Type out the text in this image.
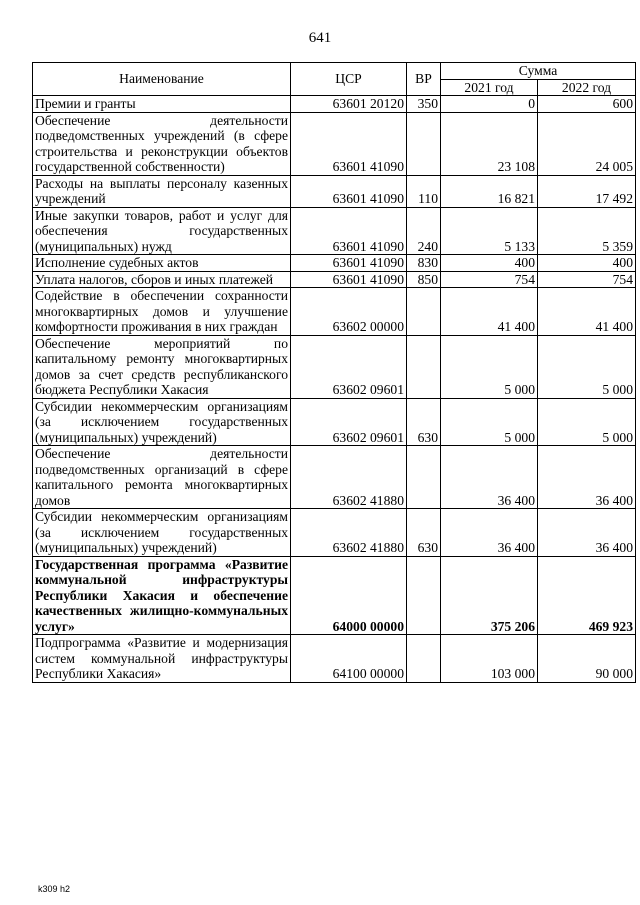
641
Наименование	ЦСР	ВР	Сумма	
			2021 год	2022 год
Премии и гранты	63601 20120	350	0	600
Обеспечение деятельности подведомственных учреждений (в сфере строительства и реконструкции объектов государственной собственности)	63601 41090		23 108	24 005
Расходы на выплаты персоналу казенных учреждений	63601 41090	110	16 821	17 492
Иные закупки товаров, работ и услуг для обеспечения государственных (муниципальных) нужд	63601 41090	240	5 133	5 359
Исполнение судебных актов	63601 41090	830	400	400
Уплата налогов, сборов и иных платежей	63601 41090	850	754	754
Содействие в обеспечении сохранности многоквартирных домов и улучшение комфортности проживания в них граждан	63602 00000		41 400	41 400
Обеспечение мероприятий по капитальному ремонту многоквартирных домов за счет средств республиканского бюджета Республики Хакасия	63602 09601		5 000	5 000
Субсидии некоммерческим организациям (за исключением государственных (муниципальных) учреждений)	63602 09601	630	5 000	5 000
Обеспечение деятельности подведомственных организаций в сфере капитального ремонта многоквартирных домов	63602 41880		36 400	36 400
Субсидии некоммерческим организациям (за исключением государственных (муниципальных) учреждений)	63602 41880	630	36 400	36 400
Государственная программа «Развитие коммунальной инфраструктуры Республики Хакасия и обеспечение качественных жилищно-коммунальных услуг»	64000 00000		375 206	469 923
Подпрограмма «Развитие и модернизация систем коммунальной инфраструктуры Республики Хакасия»	64100 00000		103 000	90 000
k309 h2
